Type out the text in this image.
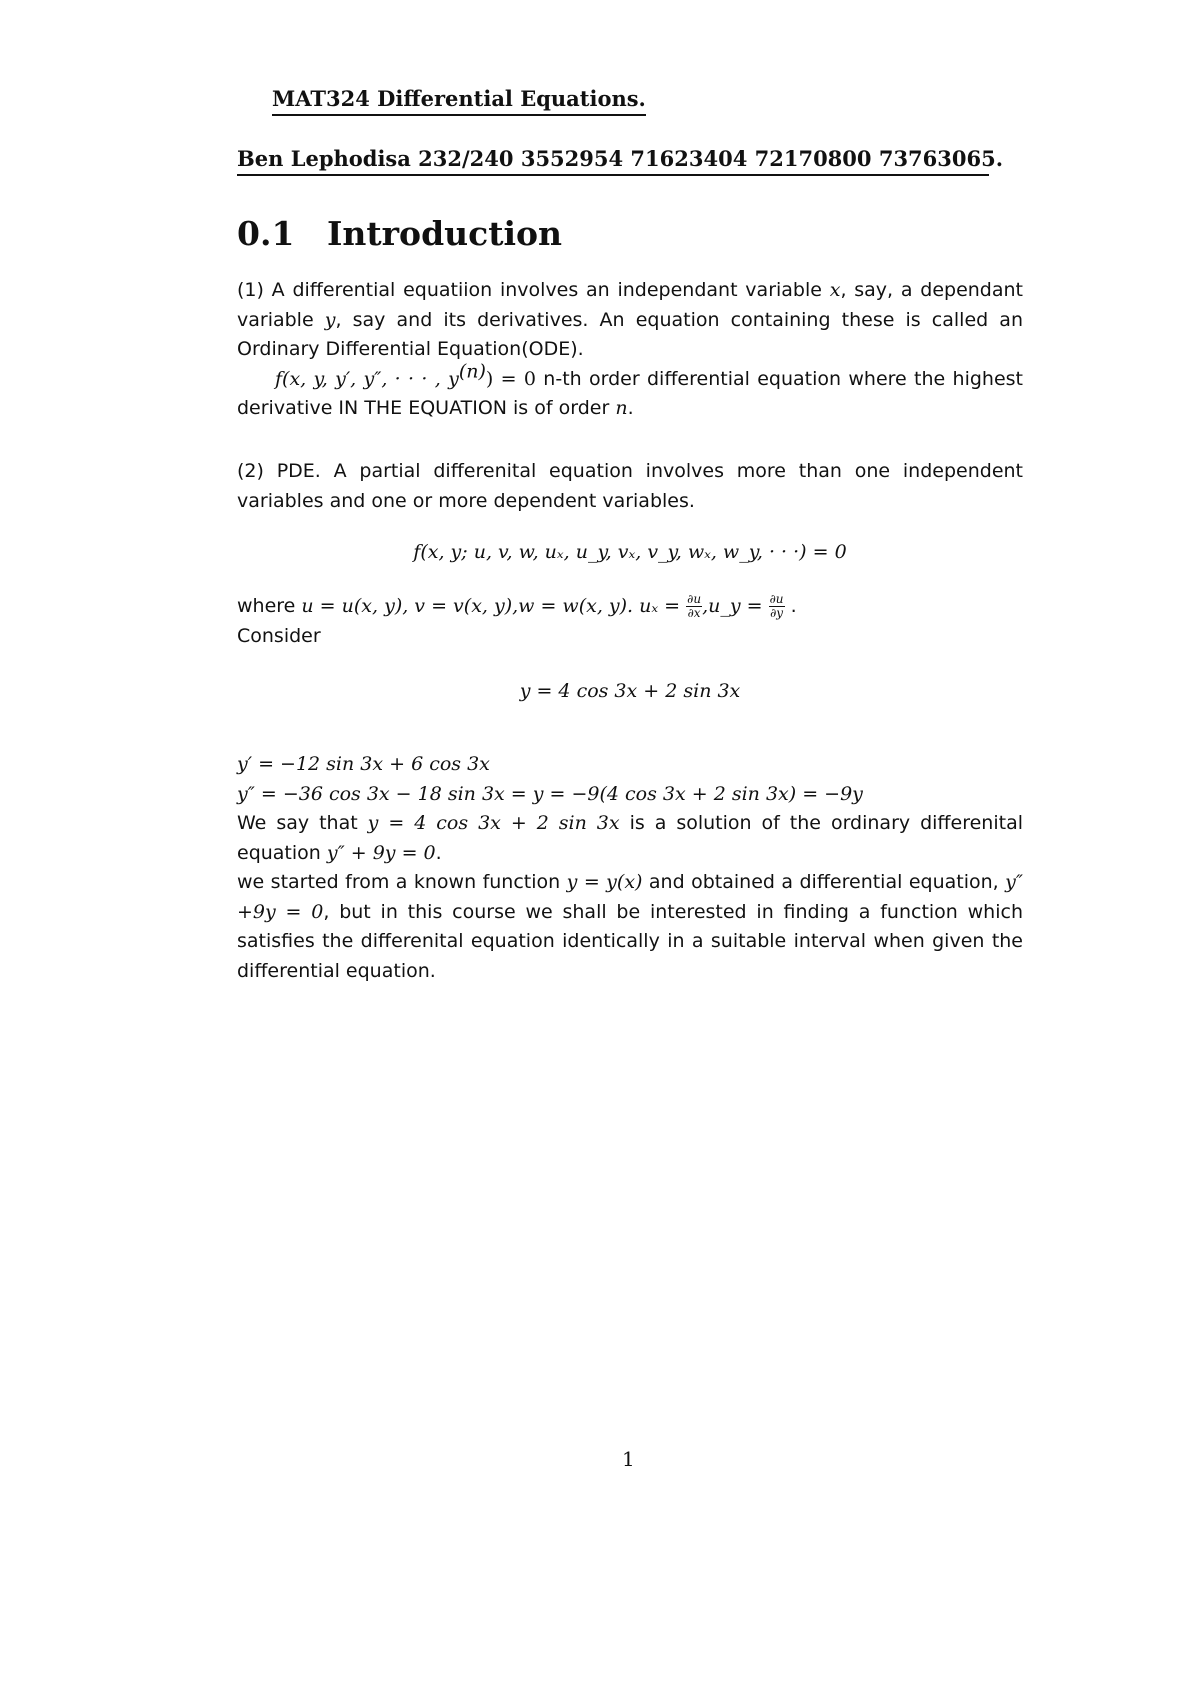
MAT324 Differential Equations.
Ben Lephodisa 232/240 3552954 71623404 72170800 73763065.
0.1 Introduction

(1) A differential equatiion involves an independant variable x, say, a dependant variable y, say and its derivatives. An equation containing these is called an Ordinary Differential Equation(ODE).

f(x, y, y′, y″, · · · , $y^{(n)}) = 0$ n-th order differential equation where the highest derivative IN THE EQUATION is of order n.

(2) PDE. A partial differenital equation involves more than one independent variables and one or more dependent variables.
f(x, y; u, v, w, uₓ, u_y, vₓ, v_y, wₓ, w_y, · · ·) = 0

where u = u(x, y), v = v(x, y),w = w(x, y). $u_x = \frac{\partial u}{\partial x}$ ,u_y = $\frac{\partial u}{\partial y}$ .

Consider

y = 4 cos 3x + 2 sin 3x

y′ = −12 sin 3x + 6 cos 3x

y″ = −36 cos 3x − 18 sin 3x = y = −9(4 cos 3x + 2 sin 3x) = −9y

We say that y = 4 cos 3x + 2 sin 3x is a solution of the ordinary differenital equation y″ + 9y = 0.

we started from a known function y = y(x) and obtained a differential equation, y″+9y = 0, but in this course we shall be interested in finding a function which satisfies the differenital equation identically in a suitable interval when given the differential equation.

1
